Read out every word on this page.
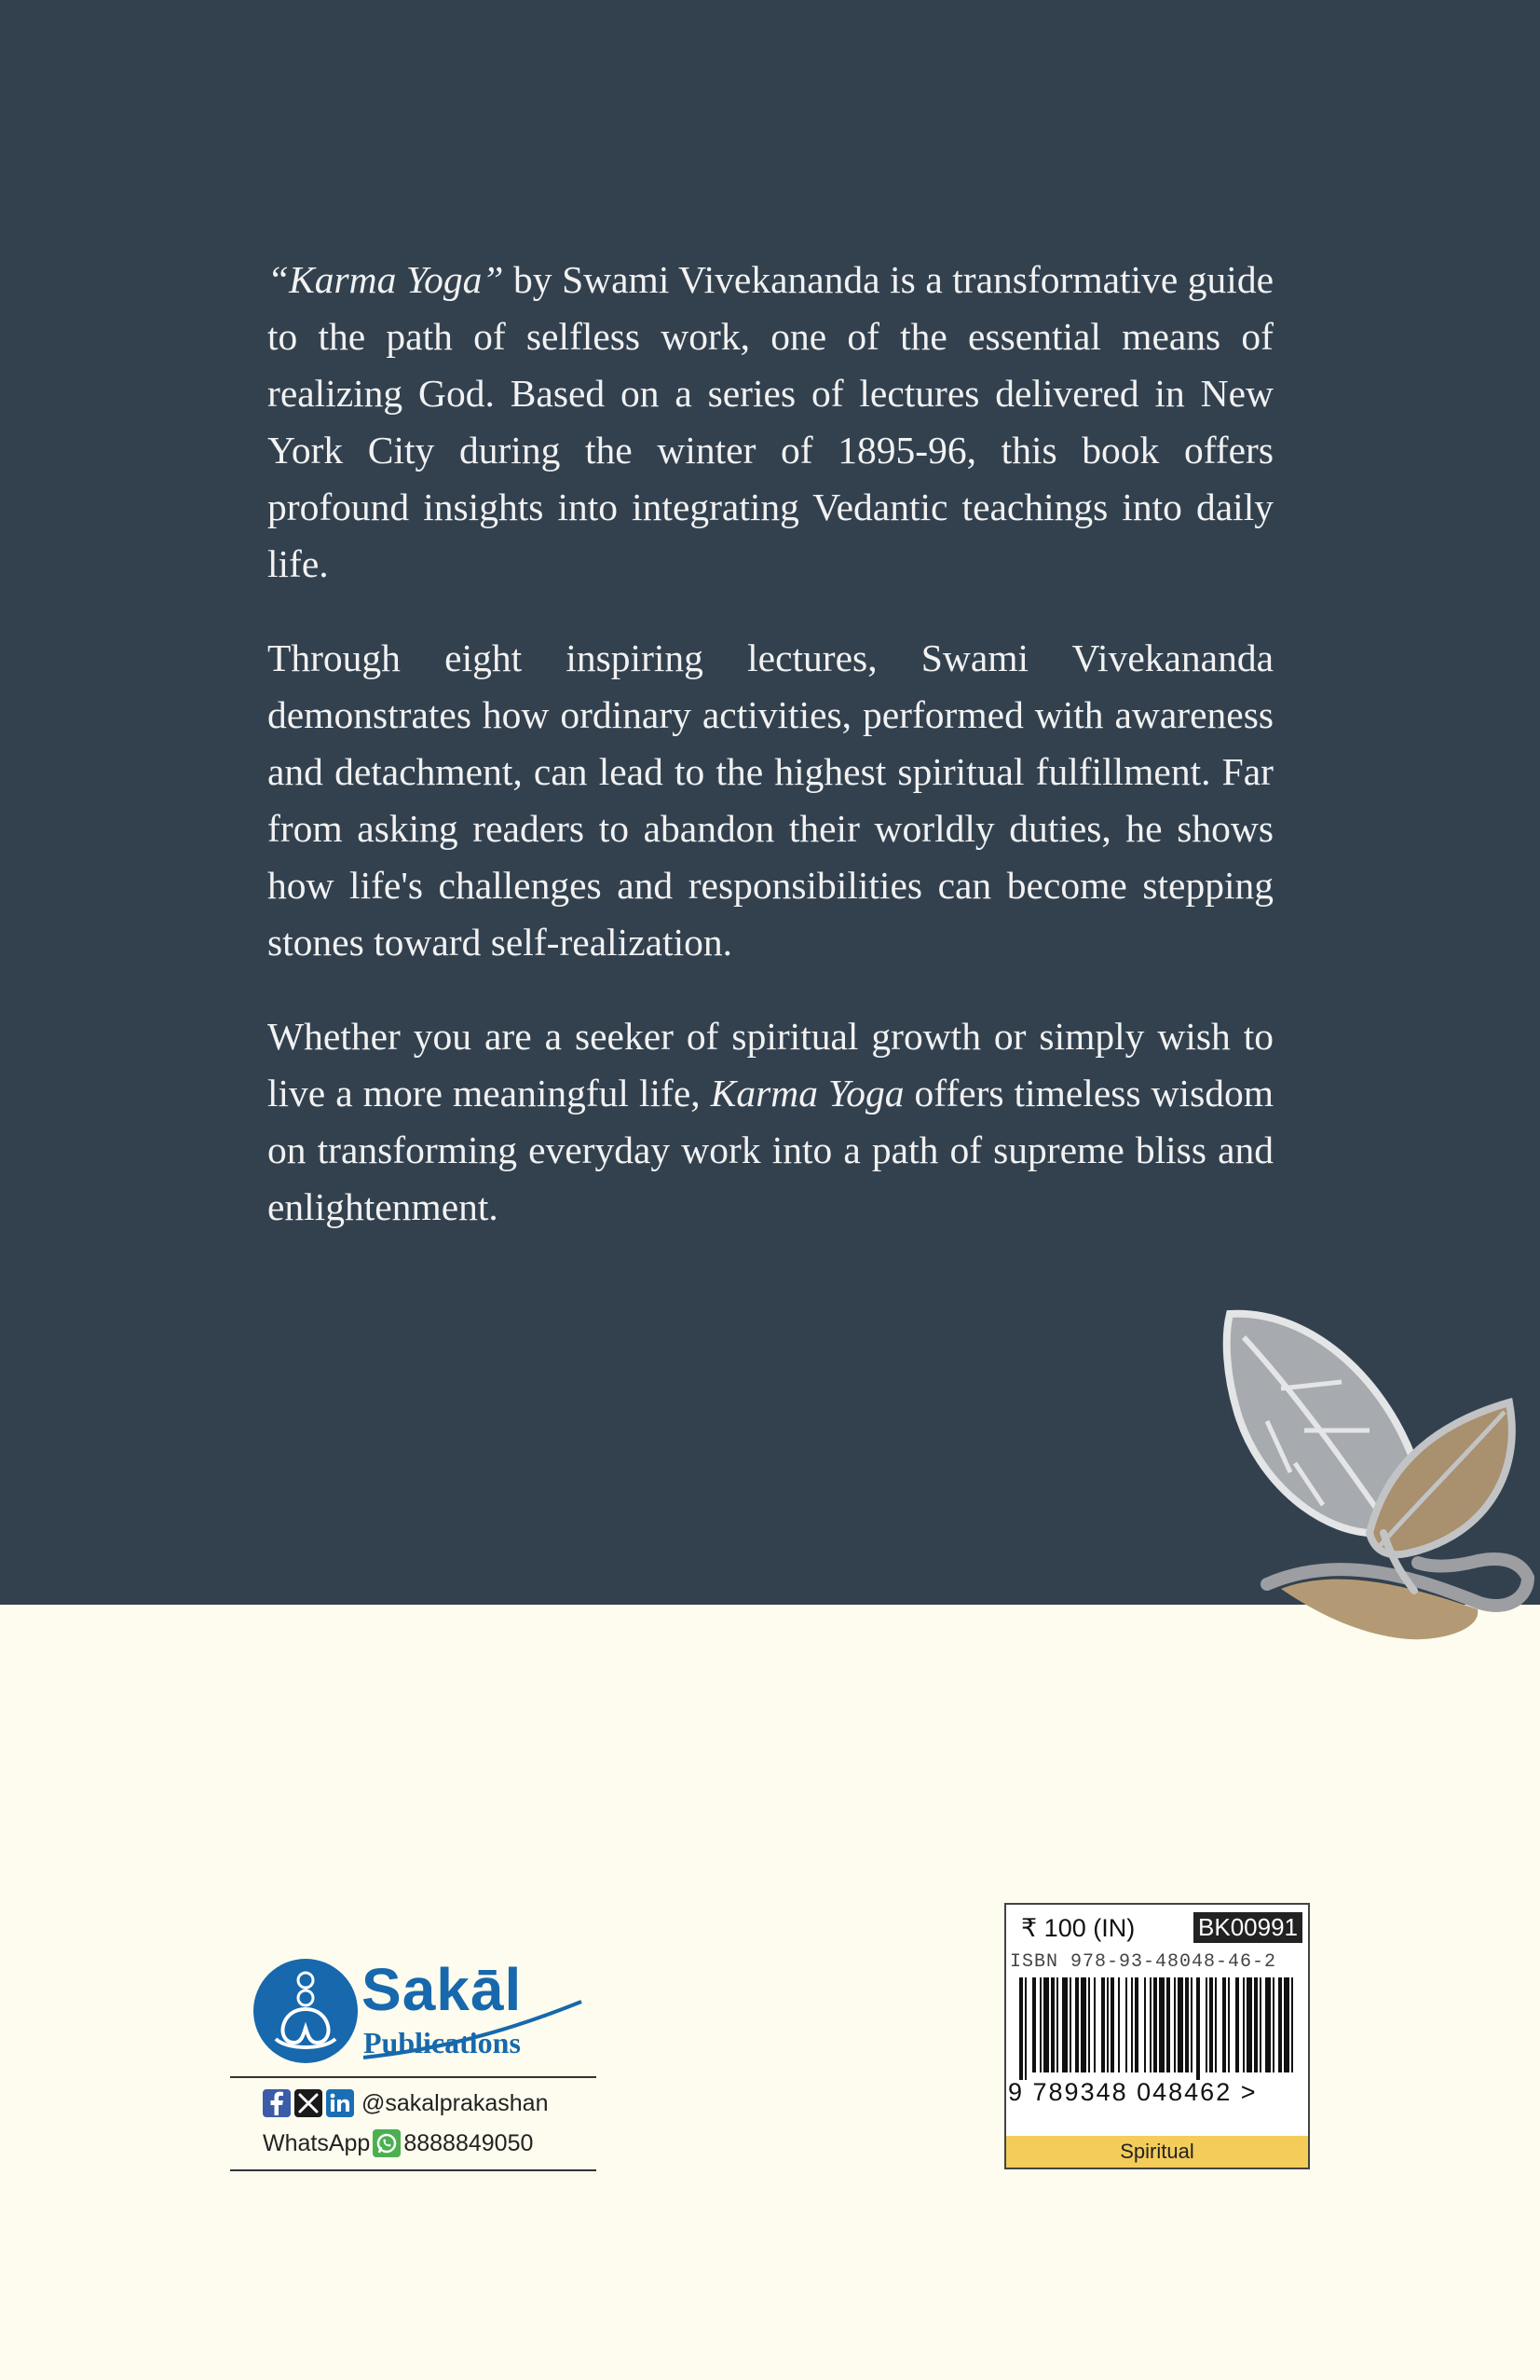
“Karma Yoga” by Swami Vivekananda is a transformative guide to the path of selfless work, one of the essential means of realizing God. Based on a series of lectures delivered in New York City during the winter of 1895-96, this book offers profound insights into integrating Vedantic teachings into daily life.

Through eight inspiring lectures, Swami Vivekananda demonstrates how ordinary activities, performed with awareness and detachment, can lead to the highest spiritual fulfillment. Far from asking readers to abandon their worldly duties, he shows how life's challenges and responsibilities can become stepping stones toward self-realization.

Whether you are a seeker of spiritual growth or simply wish to live a more meaningful life, Karma Yoga offers timeless wisdom on transforming everyday work into a path of supreme bliss and enlightenment.

Sakāl
Publications
@sakalprakashan
WhatsApp 8888849050
₹ 100 (IN)	BK00991
ISBN 978-93-48048-46-2
9 789348 048462 >
Spiritual
